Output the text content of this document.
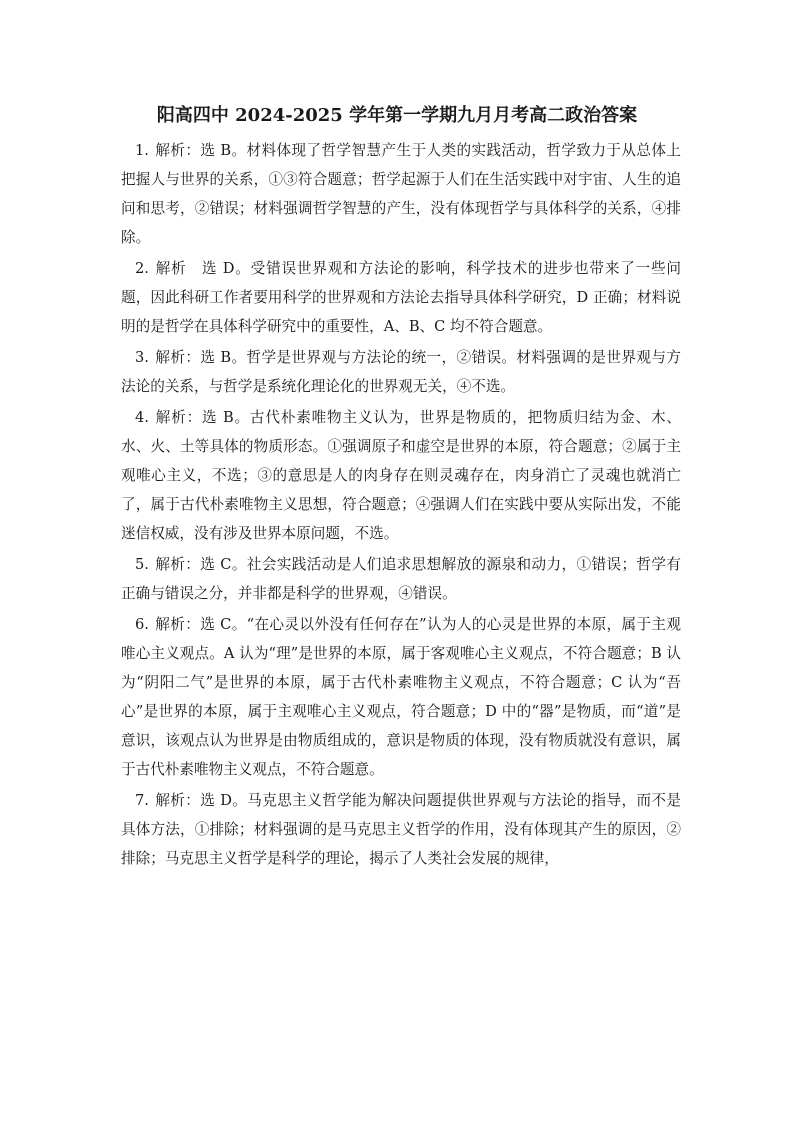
阳高四中 2024-2025 学年第一学期九月月考高二政治答案

1. 解析：选 B。材料体现了哲学智慧产生于人类的实践活动，哲学致力于从总体上把握人与世界的关系，①③符合题意；哲学起源于人们在生活实践中对宇宙、人生的追问和思考，②错误；材料强调哲学智慧的产生，没有体现哲学与具体科学的关系，④排除。

2. 解析　选 D。受错误世界观和方法论的影响，科学技术的进步也带来了一些问题，因此科研工作者要用科学的世界观和方法论去指导具体科学研究，D 正确；材料说明的是哲学在具体科学研究中的重要性，A、B、C 均不符合题意。

3. 解析：选 B。哲学是世界观与方法论的统一，②错误。材料强调的是世界观与方法论的关系，与哲学是系统化理论化的世界观无关，④不选。

4. 解析：选 B。古代朴素唯物主义认为，世界是物质的，把物质归结为金、木、水、火、土等具体的物质形态。①强调原子和虚空是世界的本原，符合题意；②属于主观唯心主义，不选；③的意思是人的肉身存在则灵魂存在，肉身消亡了灵魂也就消亡了，属于古代朴素唯物主义思想，符合题意；④强调人们在实践中要从实际出发，不能迷信权威，没有涉及世界本原问题，不选。

5. 解析：选 C。社会实践活动是人们追求思想解放的源泉和动力，①错误；哲学有正确与错误之分，并非都是科学的世界观，④错误。

6. 解析：选 C。“在心灵以外没有任何存在”认为人的心灵是世界的本原，属于主观唯心主义观点。A 认为“理”是世界的本原，属于客观唯心主义观点，不符合题意；B 认为“阴阳二气”是世界的本原，属于古代朴素唯物主义观点，不符合题意；C 认为“吾心”是世界的本原，属于主观唯心主义观点，符合题意；D 中的“器”是物质，而“道”是意识，该观点认为世界是由物质组成的，意识是物质的体现，没有物质就没有意识，属于古代朴素唯物主义观点，不符合题意。

7. 解析：选 D。马克思主义哲学能为解决问题提供世界观与方法论的指导，而不是具体方法，①排除；材料强调的是马克思主义哲学的作用，没有体现其产生的原因，②排除；马克思主义哲学是科学的理论，揭示了人类社会发展的规律，
